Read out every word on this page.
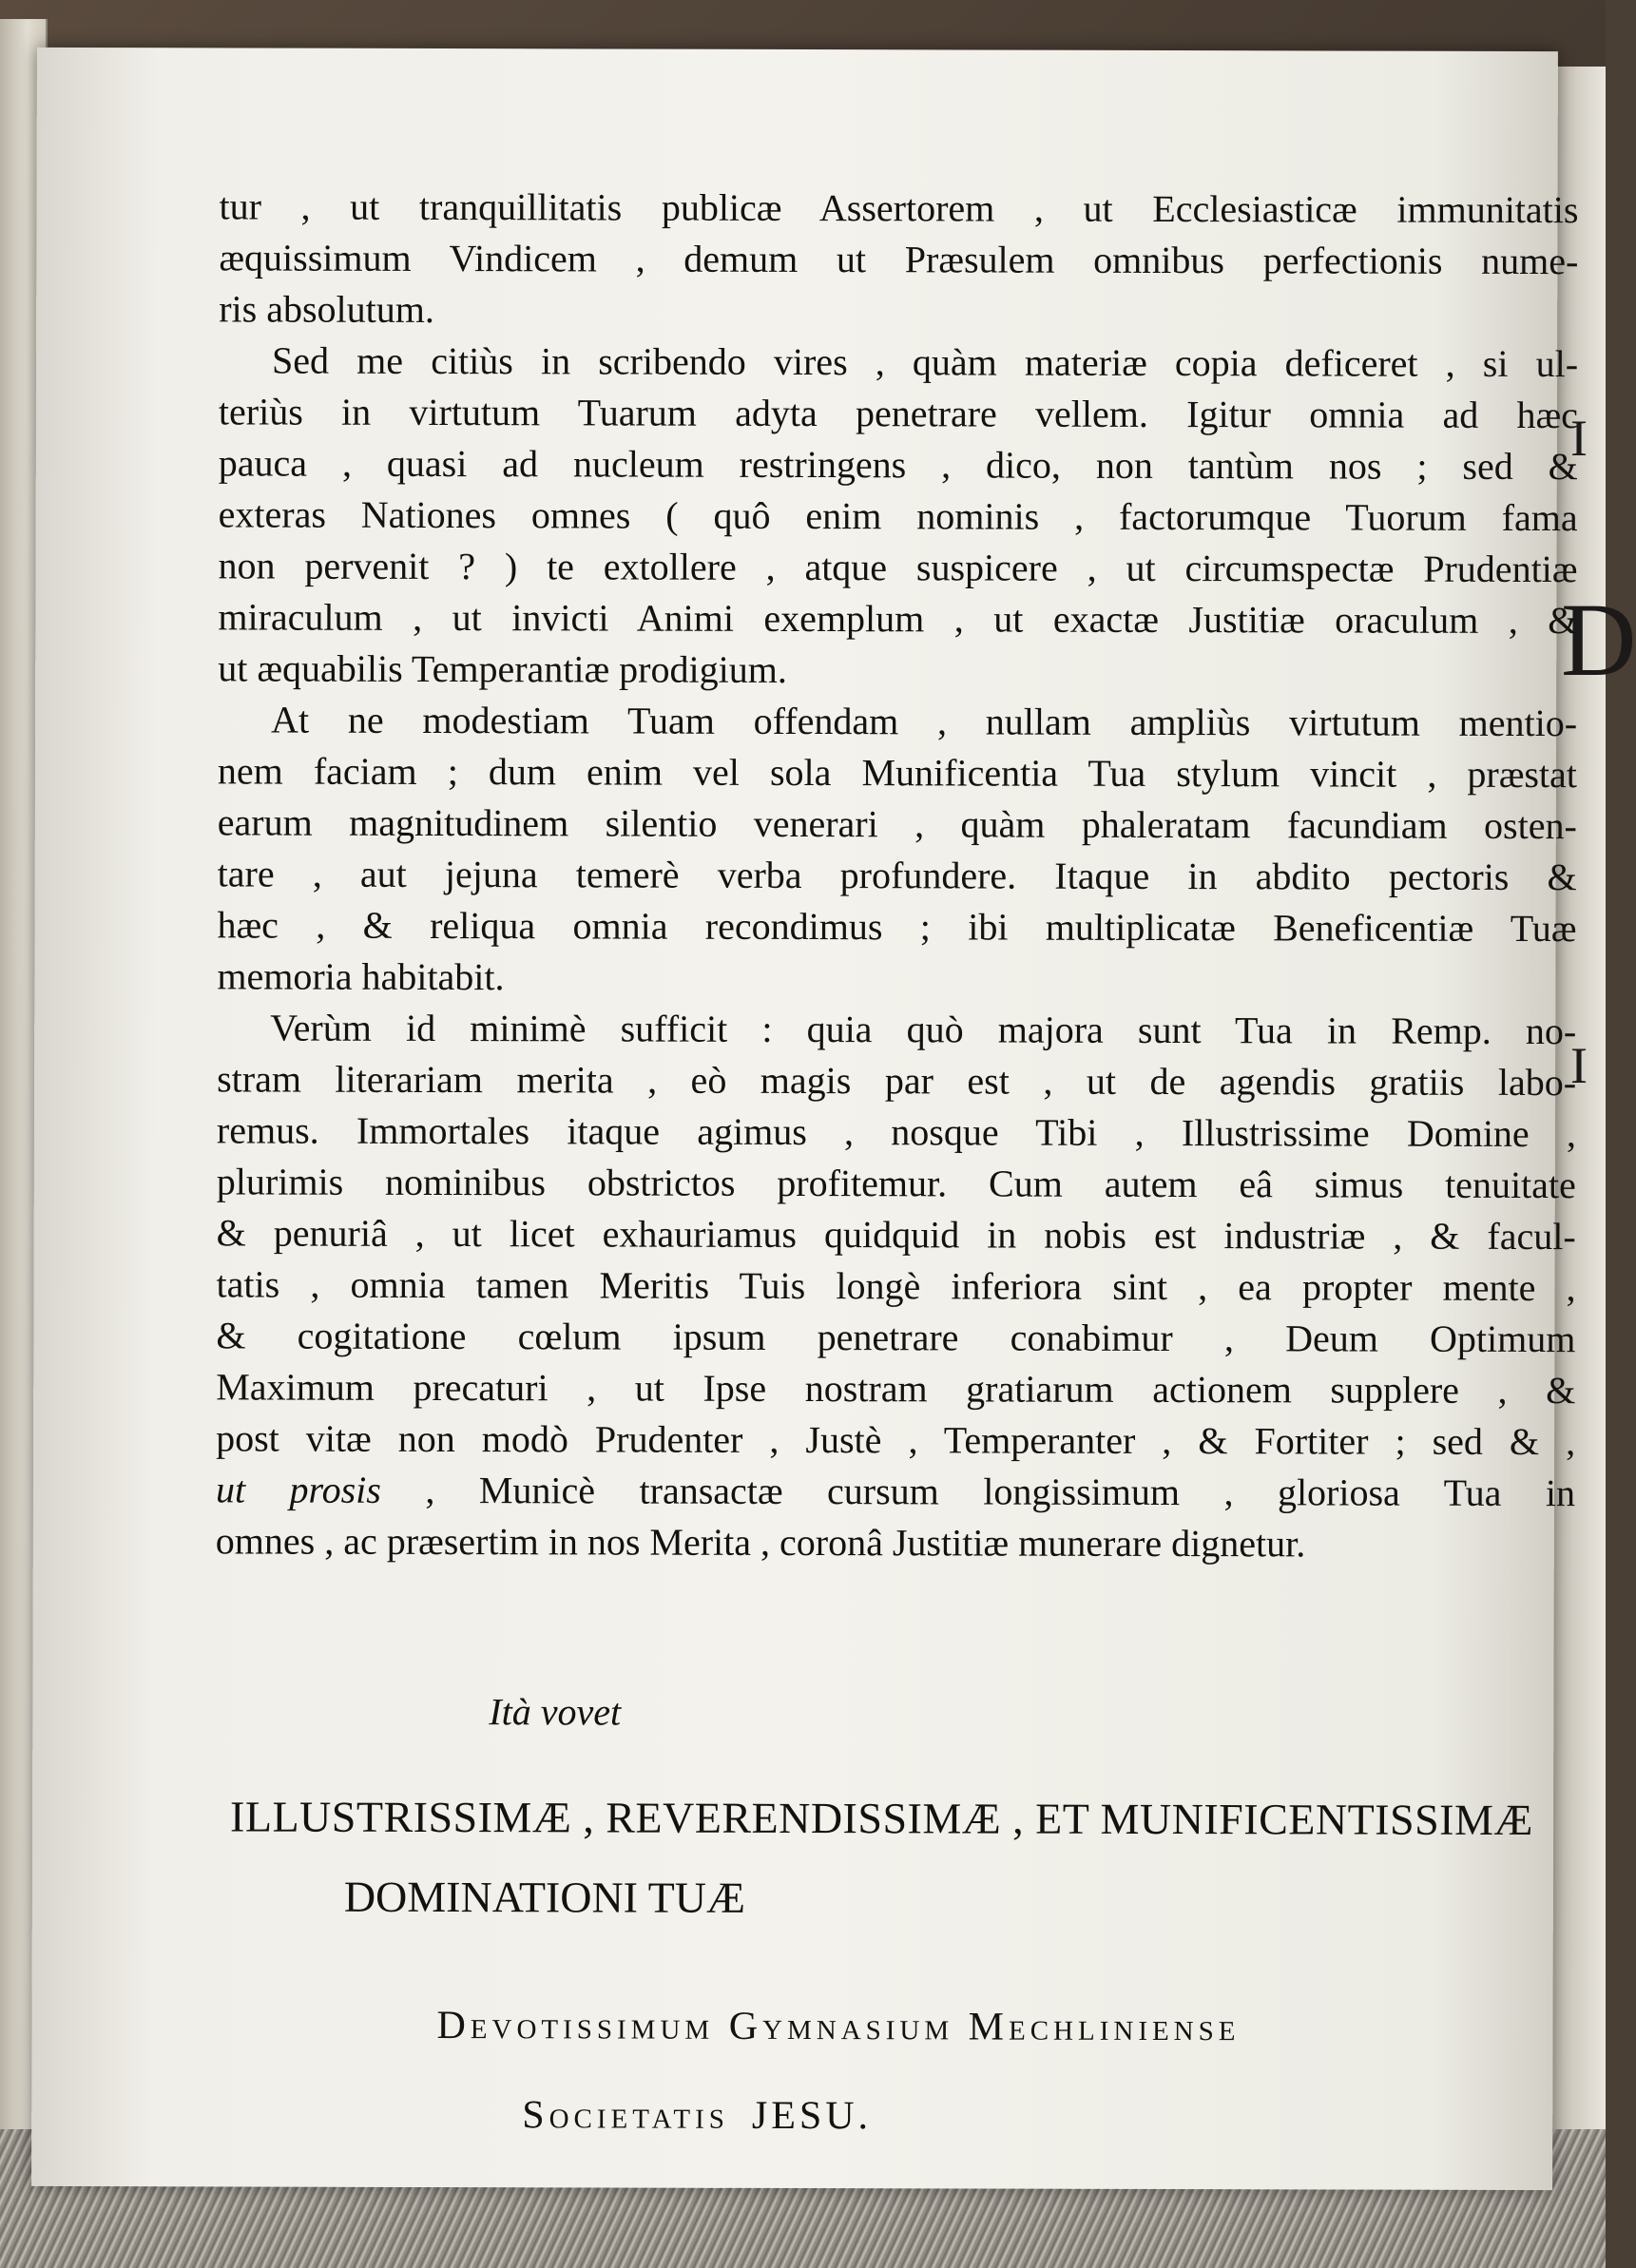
I
D
I
tur , ut tranquillitatis publicæ Assertorem , ut Ecclesiasticæ immunitatis
æquissimum Vindicem , demum ut Præsulem omnibus perfectionis nume-
ris absolutum.
Sed me citiùs in scribendo vires , quàm materiæ copia deficeret , si ul-
teriùs in virtutum Tuarum adyta penetrare vellem. Igitur omnia ad hæc
pauca , quasi ad nucleum restringens , dico, non tantùm nos ; sed &
exteras Nationes omnes ( quô enim nominis , factorumque Tuorum fama
non pervenit ? ) te extollere , atque suspicere , ut circumspectæ Prudentiæ
miraculum , ut invicti Animi exemplum , ut exactæ Justitiæ oraculum , &
ut æquabilis Temperantiæ prodigium.
At ne modestiam Tuam offendam , nullam ampliùs virtutum mentio-
nem faciam ; dum enim vel sola Munificentia Tua stylum vincit , præstat
earum magnitudinem silentio venerari , quàm phaleratam facundiam osten-
tare , aut jejuna temerè verba profundere. Itaque in abdito pectoris &
hæc , & reliqua omnia recondimus ; ibi multiplicatæ Beneficentiæ Tuæ
memoria habitabit.
Verùm id minimè sufficit : quia quò majora sunt Tua in Remp. no-
stram literariam merita , eò magis par est , ut de agendis gratiis labo-
remus. Immortales itaque agimus , nosque Tibi , Illustrissime Domine ,
plurimis nominibus obstrictos profitemur. Cum autem eâ simus tenuitate
& penuriâ , ut licet exhauriamus quidquid in nobis est industriæ , & facul-
tatis , omnia tamen Meritis Tuis longè inferiora sint , ea propter mente ,
& cogitatione cœlum ipsum penetrare conabimur , Deum Optimum
Maximum precaturi , ut Ipse nostram gratiarum actionem supplere , &
post vitæ non modò Prudenter , Justè , Temperanter , & Fortiter ; sed & ,
ut prosis , Municè transactæ cursum longissimum , gloriosa Tua in
omnes , ac præsertim in nos Merita , coronâ Justitiæ munerare dignetur.
Ità vovet
ILLUSTRISSIMÆ , REVERENDISSIMÆ , ET MUNIFICENTISSIMÆ
DOMINATIONI TUÆ
Devotissimum Gymnasium Mechliniense
Societatis JESU.
